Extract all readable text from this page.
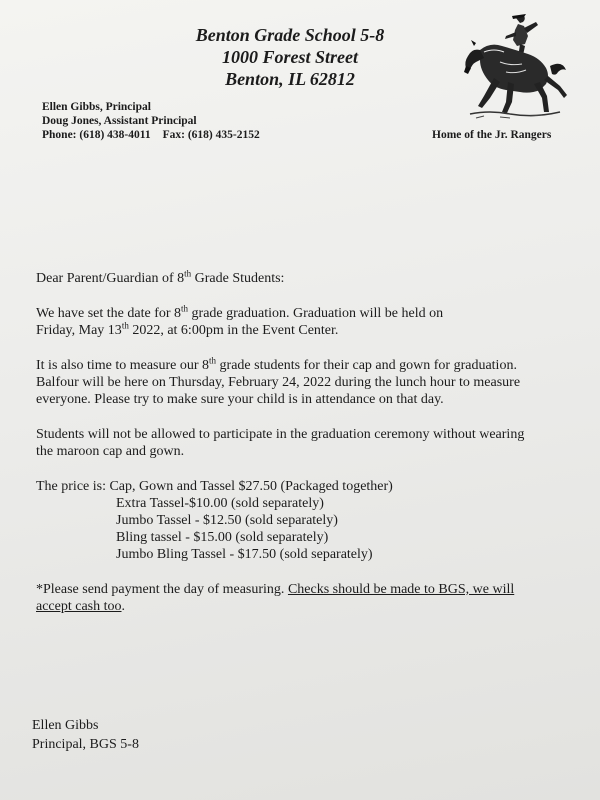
Benton Grade School 5-8
1000 Forest Street
Benton, IL 62812
Ellen Gibbs, Principal
Doug Jones, Assistant Principal
Phone: (618) 438-4011 Fax: (618) 435-2152	Home of the Jr. Rangers

Dear Parent/Guardian of 8th Grade Students:

We have set the date for 8th grade graduation. Graduation will be held on
Friday, May 13th 2022, at 6:00pm in the Event Center.

It is also time to measure our 8th grade students for their cap and gown for graduation.
Balfour will be here on Thursday, February 24, 2022 during the lunch hour to measure
everyone. Please try to make sure your child is in attendance on that day.

Students will not be allowed to participate in the graduation ceremony without wearing
the maroon cap and gown.

The price is: Cap, Gown and Tassel $27.50 (Packaged together)
Extra Tassel-$10.00 (sold separately)
Jumbo Tassel - $12.50 (sold separately)
Bling tassel - $15.00 (sold separately)
Jumbo Bling Tassel - $17.50 (sold separately)

*Please send payment the day of measuring. Checks should be made to BGS, we will
accept cash too.

Ellen Gibbs
Principal, BGS 5-8
